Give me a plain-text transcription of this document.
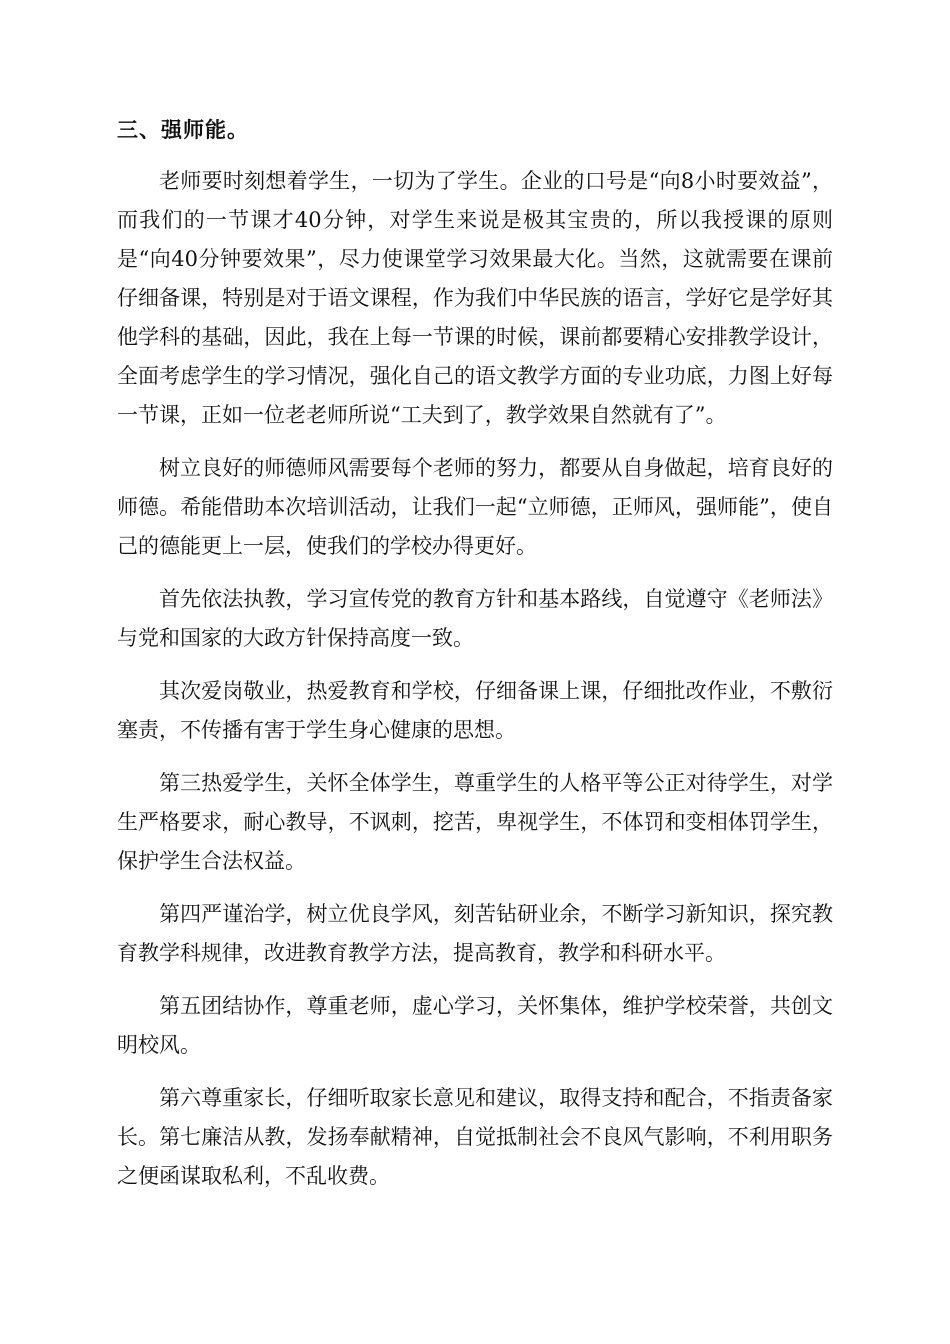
三、强师能。

老师要时刻想着学生，一切为了学生。企业的口号是“向8小时要效益”，而我们的一节课才40分钟，对学生来说是极其宝贵的，所以我授课的原则是“向40分钟要效果”，尽力使课堂学习效果最大化。当然，这就需要在课前仔细备课，特别是对于语文课程，作为我们中华民族的语言，学好它是学好其他学科的基础，因此，我在上每一节课的时候，课前都要精心安排教学设计，全面考虑学生的学习情况，强化自己的语文教学方面的专业功底，力图上好每一节课，正如一位老老师所说“工夫到了，教学效果自然就有了”。

树立良好的师德师风需要每个老师的努力，都要从自身做起，培育良好的师德。希能借助本次培训活动，让我们一起“立师德，正师风，强师能”，使自己的德能更上一层，使我们的学校办得更好。

首先依法执教，学习宣传党的教育方针和基本路线，自觉遵守《老师法》与党和国家的大政方针保持高度一致。

其次爱岗敬业，热爱教育和学校，仔细备课上课，仔细批改作业，不敷衍塞责，不传播有害于学生身心健康的思想。

第三热爱学生，关怀全体学生，尊重学生的人格平等公正对待学生，对学生严格要求，耐心教导，不讽刺，挖苦，卑视学生，不体罚和变相体罚学生，保护学生合法权益。

第四严谨治学，树立优良学风，刻苦钻研业余，不断学习新知识，探究教育教学科规律，改进教育教学方法，提高教育，教学和科研水平。

第五团结协作，尊重老师，虚心学习，关怀集体，维护学校荣誉，共创文明校风。

第六尊重家长，仔细听取家长意见和建议，取得支持和配合，不指责备家长。第七廉洁从教，发扬奉献精神，自觉抵制社会不良风气影响，不利用职务之便函谋取私利，不乱收费。
